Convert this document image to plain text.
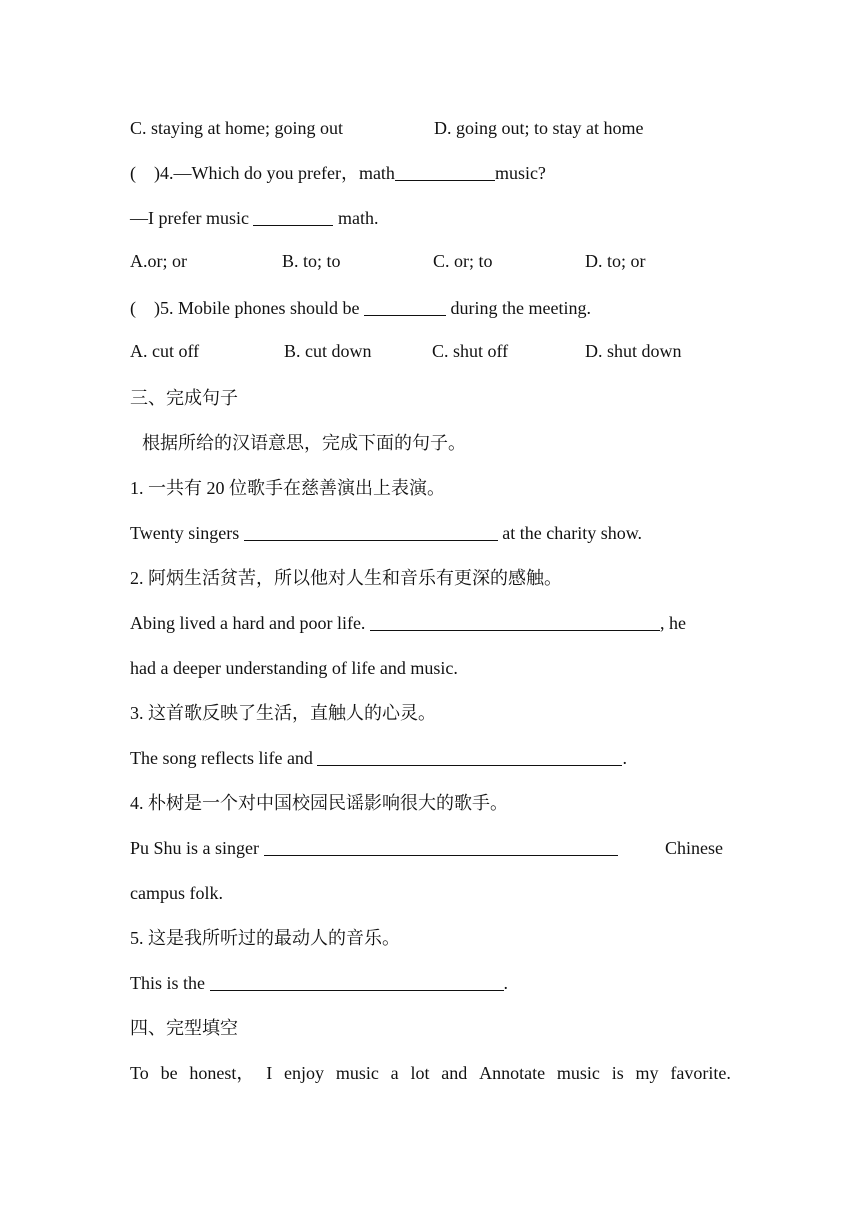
C. staying at home; going out	D. going out; to stay at home
(    )4.—Which do you prefer，math	music?
—I prefer music	math.
A.or; or	B. to; to	C. or; to	D. to; or
(    )5. Mobile phones should be	during the meeting.
A. cut off	B. cut down	C. shut off	D. shut down
三、完成句子
根据所给的汉语意思，完成下面的句子。
1. 一共有 20 位歌手在慈善演出上表演。
Twenty singers	at the charity show.
2. 阿炳生活贫苦，所以他对人生和音乐有更深的感触。
Abing lived a hard and poor life.	, he
had a deeper understanding of life and music.
3. 这首歌反映了生活，直触人的心灵。
The song reflects life and	.
4. 朴树是一个对中国校园民谣影响很大的歌手。
Pu Shu is a singer	Chinese
campus folk.
5. 这是我所听过的最动人的音乐。
This is the	.
四、完型填空
To be honest， I enjoy music a lot and Annotate music is my favorite.
